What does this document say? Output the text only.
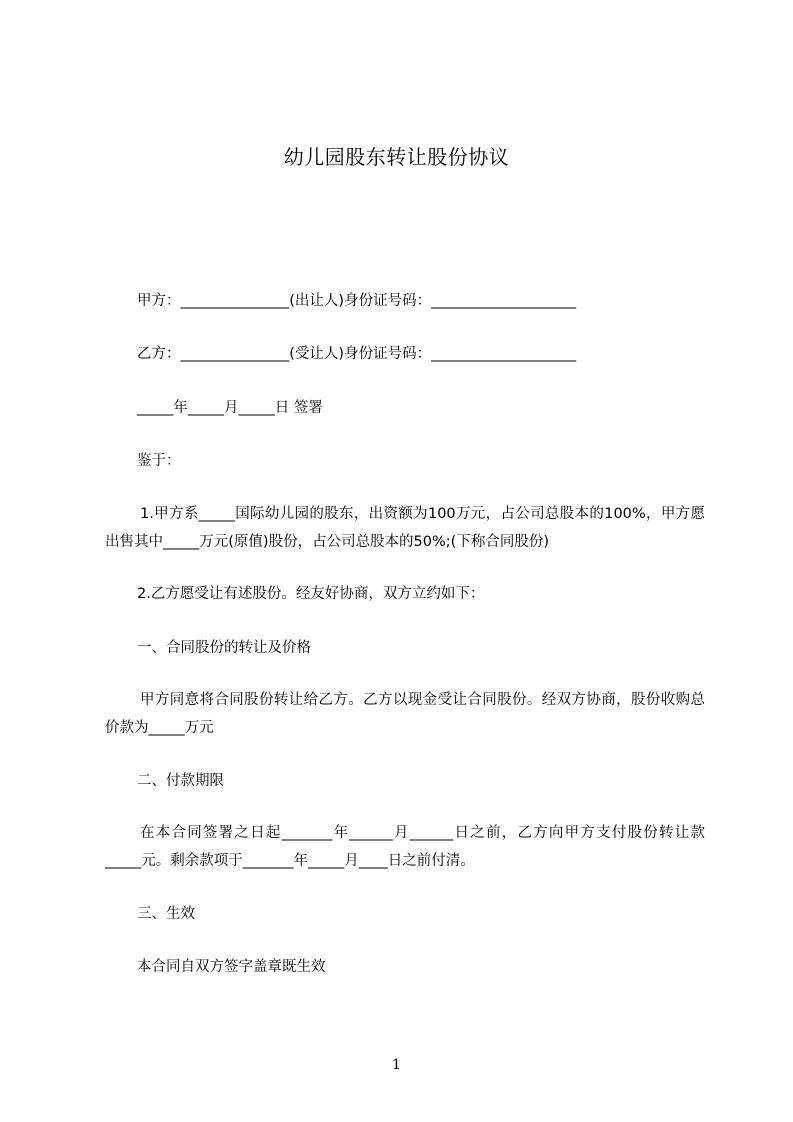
幼儿园股东转让股份协议
甲方：_______________(出让人)身份证号码：____________________
乙方：_______________(受让人)身份证号码：____________________
_____年_____月_____日 签署
鉴于：
1.甲方系_____国际幼儿园的股东，出资额为100万元，占公司总股本的100%，甲方愿出售其中_____万元(原值)股份，占公司总股本的50%;(下称合同股份)
2.乙方愿受让有述股份。经友好协商，双方立约如下：
一、合同股份的转让及价格
甲方同意将合同股份转让给乙方。乙方以现金受让合同股份。经双方协商，股份收购总价款为_____万元
二、付款期限
在本合同签署之日起_______年______月______日之前，乙方向甲方支付股份转让款_____元。剩余款项于_______年_____月____日之前付清。
三、生效
本合同自双方签字盖章既生效
1
